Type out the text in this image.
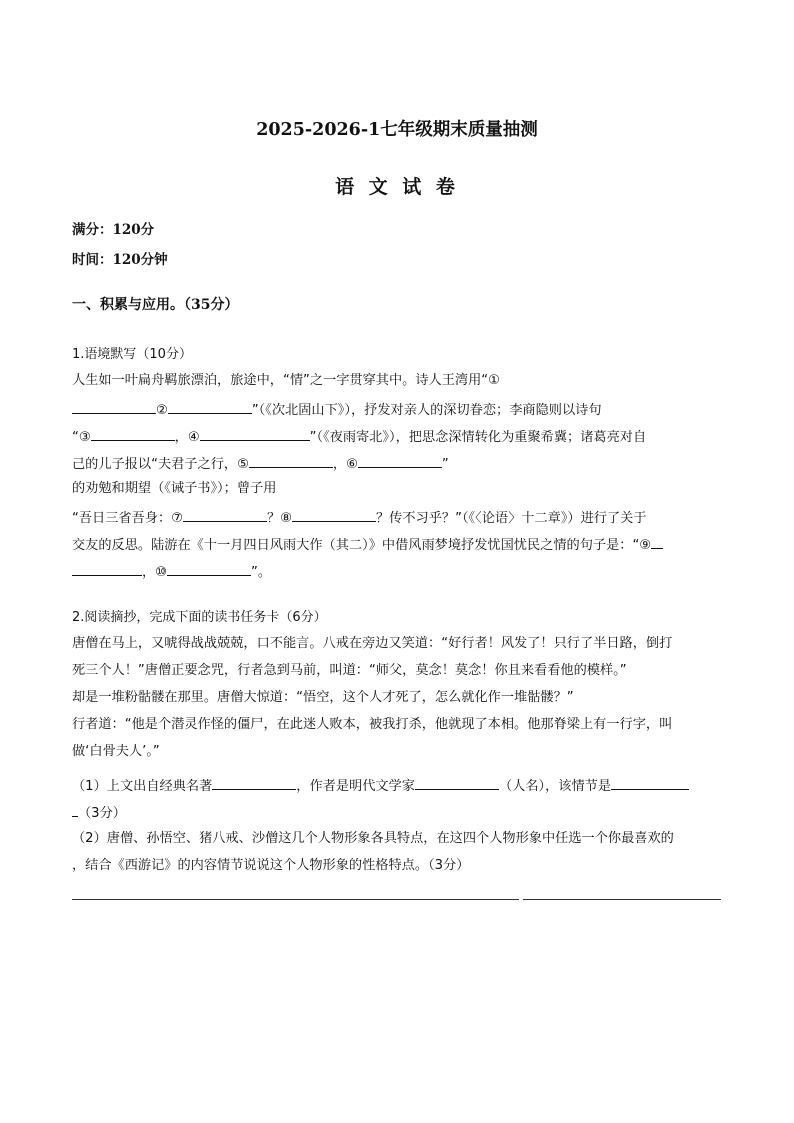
2025-2026-1七年级期末质量抽测
语 文 试 卷
满分：120分
时间：120分钟
一、积累与应用。（35分）
1.语境默写（10分）
人生如一叶扁舟羁旅漂泊，旅途中，“情”之一字贯穿其中。诗人王湾用“①
②	”（《次北固山下》），抒发对亲人的深切眷恋；李商隐则以诗句
“③	，④	”（《夜雨寄北》），把思念深情转化为重聚希冀；诸葛亮对自
己的儿子报以“夫君子之行，⑤	，⑥	”
的劝勉和期望（《诫子书》）；曾子用
“吾日三省吾身：⑦	？⑧	？传不习乎？”（《〈论语〉十二章》）进行了关于
交友的反思。陆游在《十一月四日风雨大作（其二）》中借风雨梦境抒发忧国忧民之情的句子是：“⑨
，⑩	”。
2.阅读摘抄，完成下面的读书任务卡（6分）
唐僧在马上，又唬得战战兢兢，口不能言。八戒在旁边又笑道：“好行者！风发了！只行了半日路，倒打
死三个人！”唐僧正要念咒，行者急到马前，叫道：“师父，莫念！莫念！你且来看看他的模样。”
却是一堆粉骷髅在那里。唐僧大惊道：“悟空，这个人才死了，怎么就化作一堆骷髅？”
行者道：“他是个潜灵作怪的僵尸，在此迷人败本，被我打杀，他就现了本相。他那脊梁上有一行字，叫
做‘白骨夫人’。”
（1）上文出自经典名著	，作者是明代文学家	（人名），该情节是
（3分）
（2）唐僧、孙悟空、猪八戒、沙僧这几个人物形象各具特点，在这四个人物形象中任选一个你最喜欢的
，结合《西游记》的内容情节说说这个人物形象的性格特点。（3分）
